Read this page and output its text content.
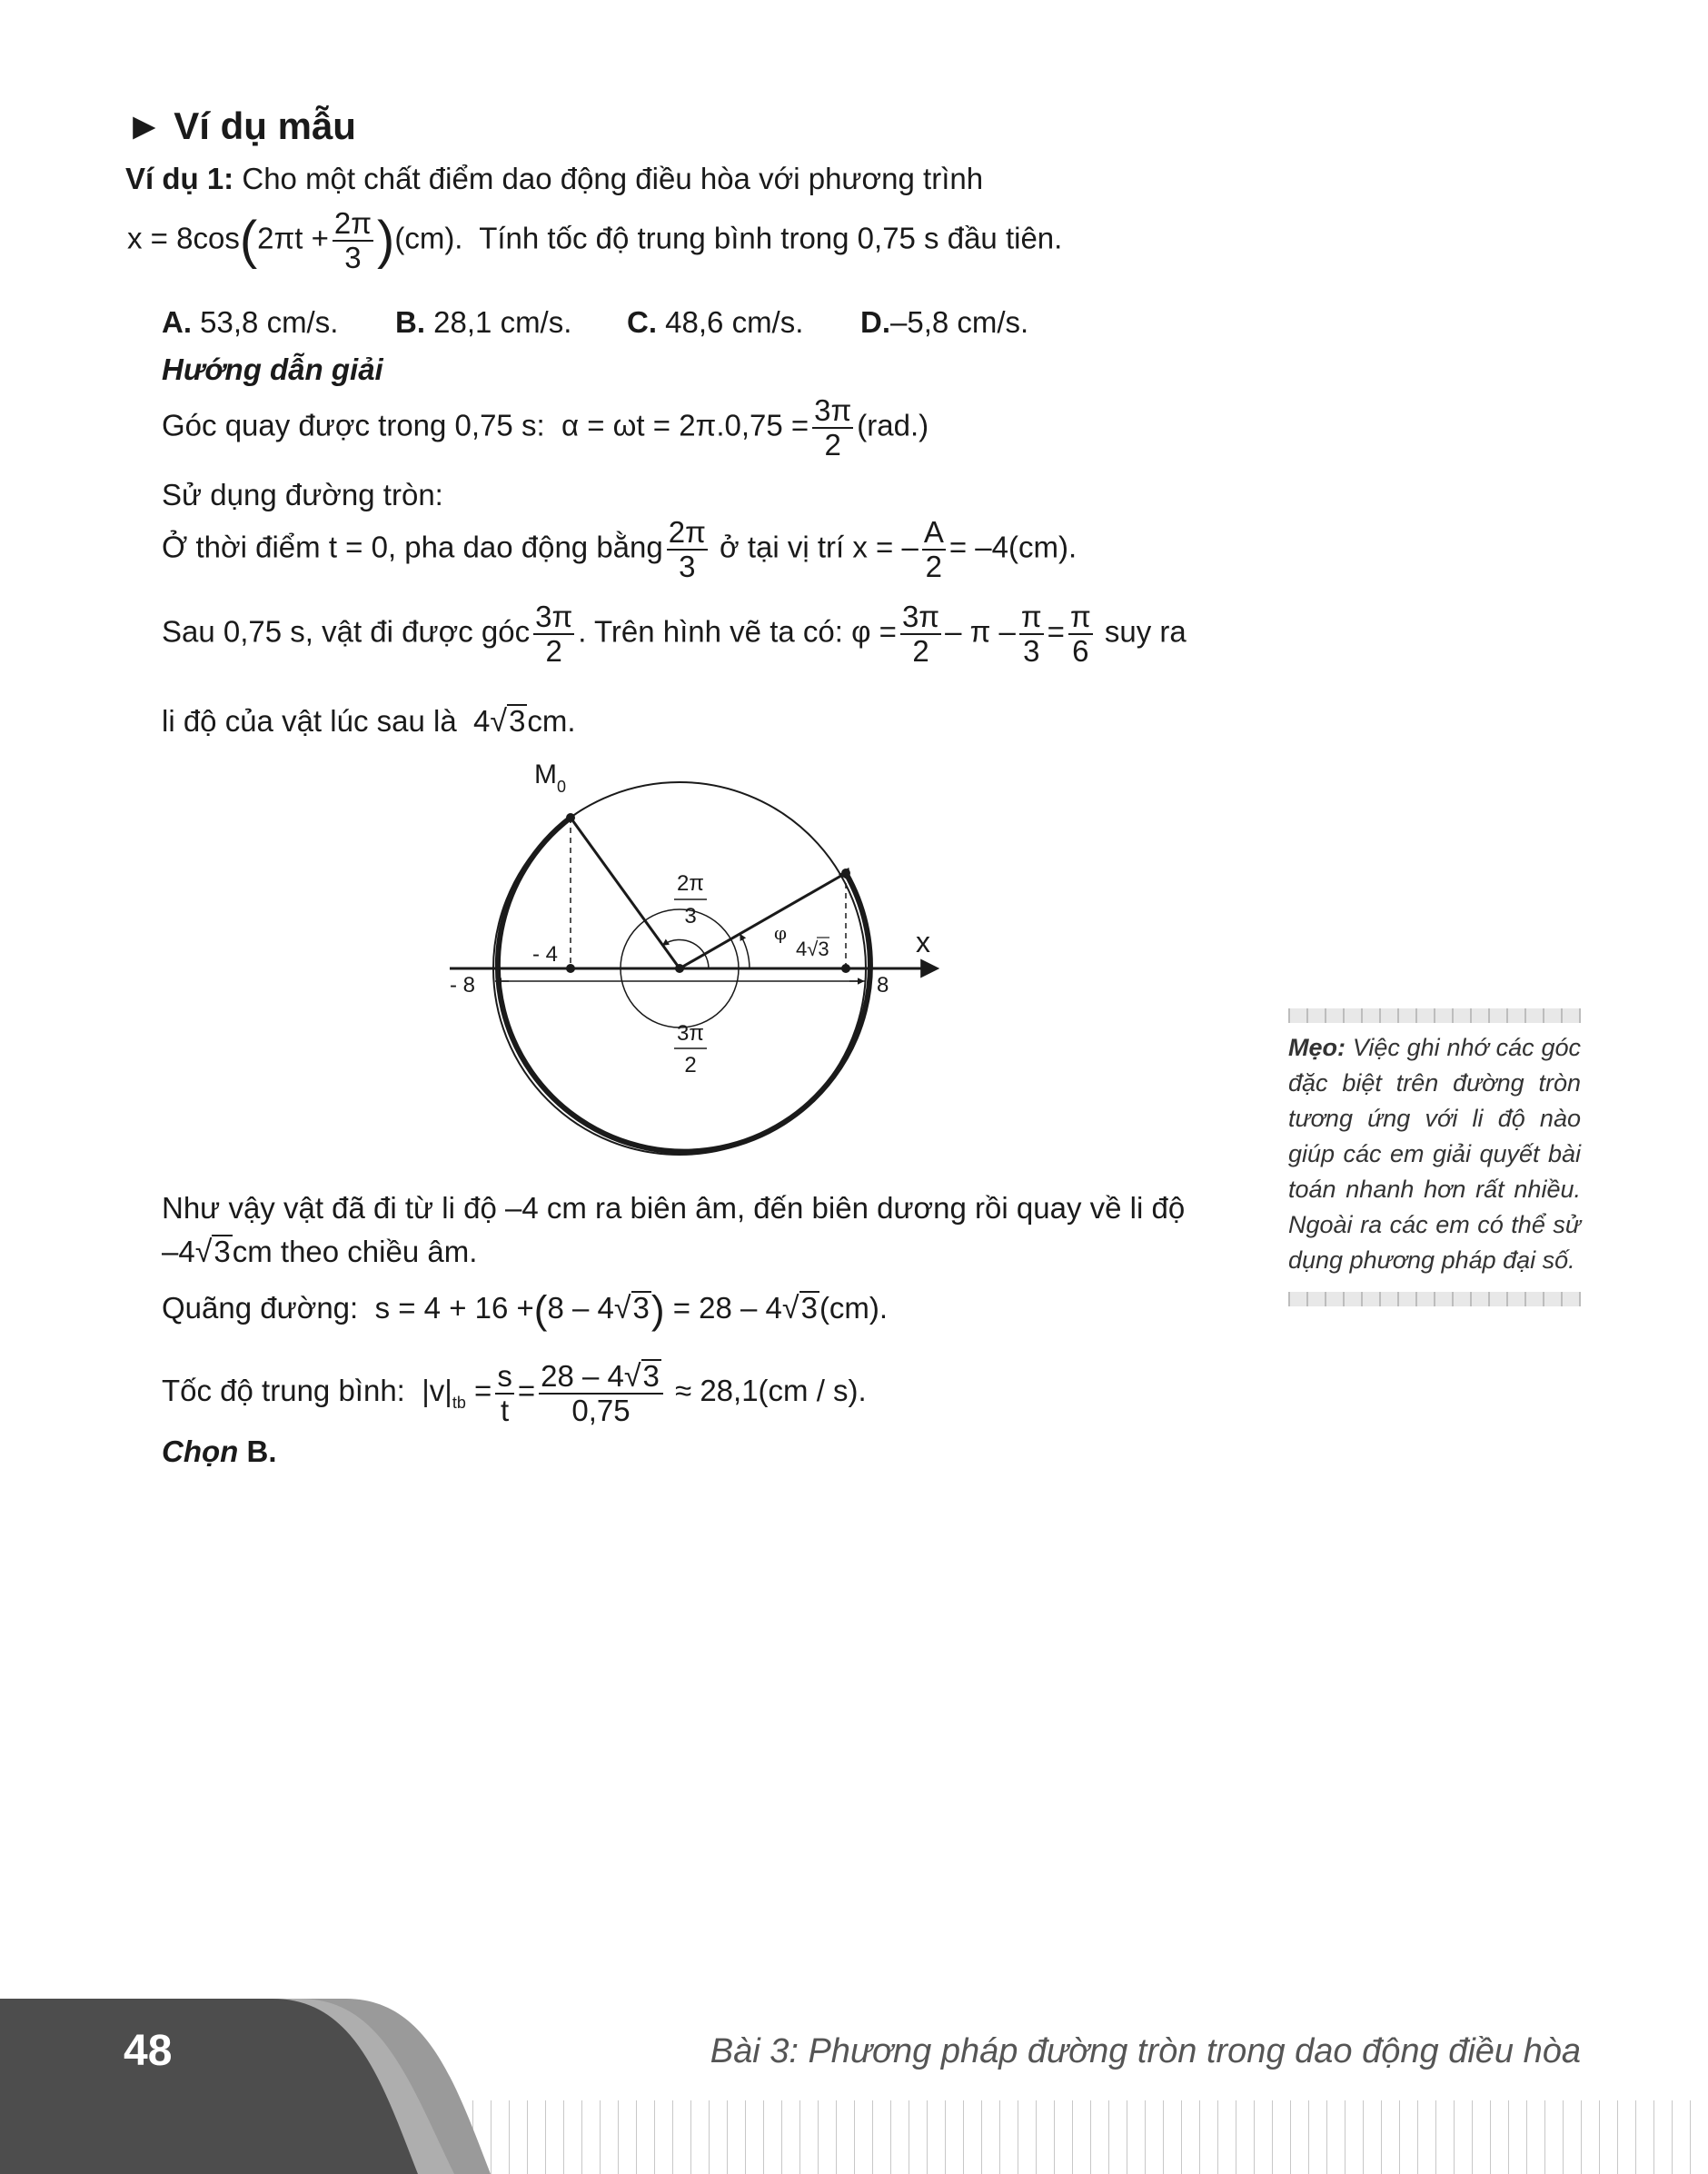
► Ví dụ mẫu
Ví dụ 1: Cho một chất điểm dao động điều hòa với phương trình
$x = 8\cos(2\pi t + \frac{2\pi}{3} )(cm)$. Tính tốc độ trung bình trong 0,75 s đầu tiên.
A. 53,8 cm/s. B. 28,1 cm/s. C. 48,6 cm/s. D.–5,8 cm/s.
Hướng dẫn giải
Góc quay được trong 0,75 s: $\alpha = \omega t = 2\pi.0,75 = \frac{3\pi}{2} (rad.)$
Sử dụng đường tròn:
Ở thời điểm t = 0, pha dao động bằng $\frac{2\pi}{3}$ ở tại vị trí x = – $\frac{A}{2} = -4(cm)$.
Sau 0,75 s, vật đi được góc $\frac{3\pi}{2}$ . Trên hình vẽ ta có: $\varphi = \frac{3\pi}{2} - \pi - \frac{\pi}{3} = \frac{\pi}{6}$ suy ra
li độ của vật lúc sau là 4√3cm.
$M_0$
x
2π
3
3π
2
φ
4√3
- 4
- 8	8
Như vậy vật đã đi từ li độ –4 cm ra biên âm, đến biên dương rồi quay về li độ
–4√3cm theo chiều âm.
Quãng đường: s = 4 + 16 +(8 – 4√3) = 28 – 4√3(cm).
Tốc độ trung bình: $|v|_{tb} = \frac{s}{t} = \frac{28 - 4√3}{0,75} \approx 28,1(cm / s)$.
Chọn B.
Mẹo: Việc ghi nhớ các góc đặc biệt trên đường tròn tương ứng với li độ nào giúp các em giải quyết bài toán nhanh hơn rất nhiều. Ngoài ra các em có thể sử dụng phương pháp đại số.
48	Bài 3: Phương pháp đường tròn trong dao động điều hòa
